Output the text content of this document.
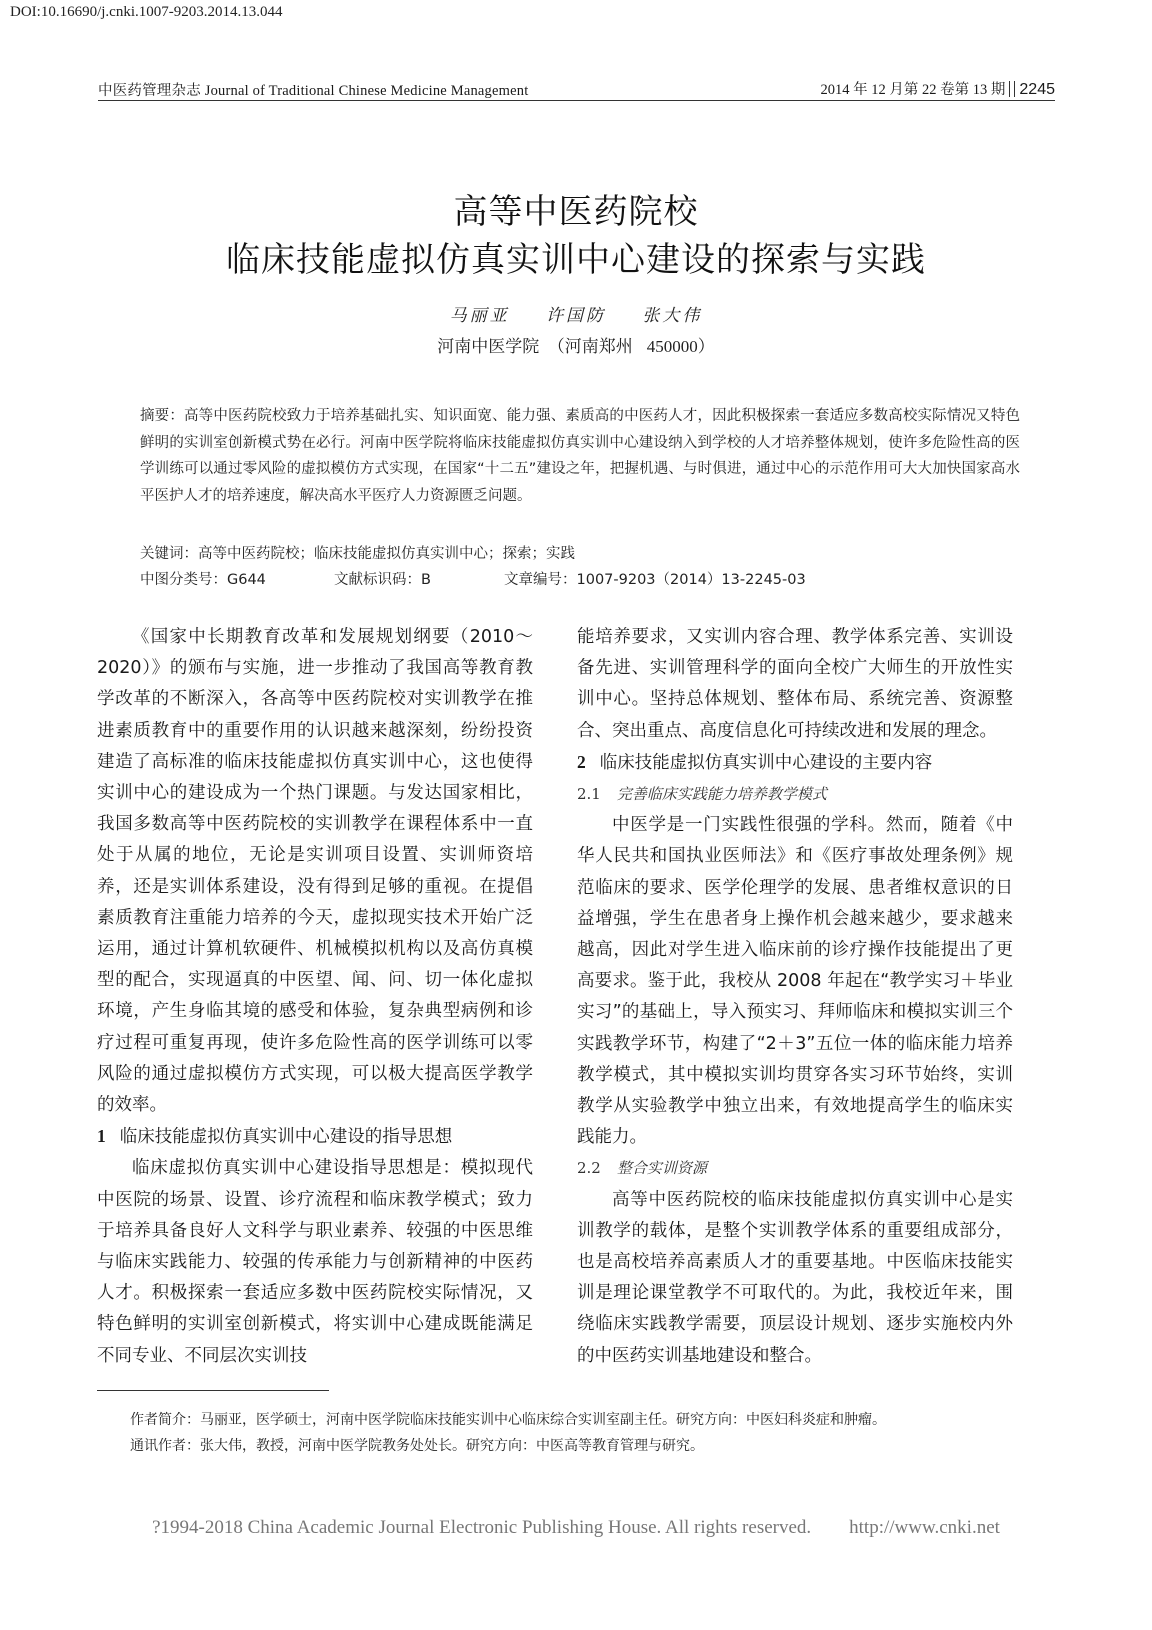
DOI:10.16690/j.cnki.1007-9203.2014.13.044
中医药管理杂志 Journal of Traditional Chinese Medicine Management	2014 年 12 月第 22 卷第 13 期 2245
高等中医药院校
临床技能虚拟仿真实训中心建设的探索与实践
马丽亚 许国防 张大伟
河南中医学院　（河南郑州 450000）
摘要：高等中医药院校致力于培养基础扎实、知识面宽、能力强、素质高的中医药人才，因此积极探索一套适应多数高校实际情况又特色鲜明的实训室创新模式势在必行。河南中医学院将临床技能虚拟仿真实训中心建设纳入到学校的人才培养整体规划，使许多危险性高的医学训练可以通过零风险的虚拟模仿方式实现，在国家“十二五”建设之年，把握机遇、与时俱进，通过中心的示范作用可大大加快国家高水平医护人才的培养速度，解决高水平医疗人力资源匮乏问题。
关键词：高等中医药院校；临床技能虚拟仿真实训中心；探索；实践
中图分类号：G644	文献标识码：B	文章编号：1007-9203（2014）13-2245-03

《国家中长期教育改革和发展规划纲要（2010～2020）》的颁布与实施，进一步推动了我国高等教育教学改革的不断深入，各高等中医药院校对实训教学在推进素质教育中的重要作用的认识越来越深刻，纷纷投资建造了高标准的临床技能虚拟仿真实训中心，这也使得实训中心的建设成为一个热门课题。与发达国家相比，我国多数高等中医药院校的实训教学在课程体系中一直处于从属的地位，无论是实训项目设置、实训师资培养，还是实训体系建设，没有得到足够的重视。在提倡素质教育注重能力培养的今天，虚拟现实技术开始广泛运用，通过计算机软硬件、机械模拟机构以及高仿真模型的配合，实现逼真的中医望、闻、问、切一体化虚拟环境，产生身临其境的感受和体验，复杂典型病例和诊疗过程可重复再现，使许多危险性高的医学训练可以零风险的通过虚拟模仿方式实现，可以极大提高医学教学的效率。

1 临床技能虚拟仿真实训中心建设的指导思想

临床虚拟仿真实训中心建设指导思想是：模拟现代中医院的场景、设置、诊疗流程和临床教学模式；致力于培养具备良好人文科学与职业素养、较强的中医思维与临床实践能力、较强的传承能力与创新精神的中医药人才。积极探索一套适应多数中医药院校实际情况，又特色鲜明的实训室创新模式，将实训中心建成既能满足不同专业、不同层次实训技

能培养要求，又实训内容合理、教学体系完善、实训设备先进、实训管理科学的面向全校广大师生的开放性实训中心。坚持总体规划、整体布局、系统完善、资源整合、突出重点、高度信息化可持续改进和发展的理念。

2 临床技能虚拟仿真实训中心建设的主要内容
2.1 完善临床实践能力培养教学模式

中医学是一门实践性很强的学科。然而，随着《中华人民共和国执业医师法》和《医疗事故处理条例》规范临床的要求、医学伦理学的发展、患者维权意识的日益增强，学生在患者身上操作机会越来越少，要求越来越高，因此对学生进入临床前的诊疗操作技能提出了更高要求。鉴于此，我校从 2008 年起在“教学实习＋毕业实习”的基础上，导入预实习、拜师临床和模拟实训三个实践教学环节，构建了“2＋3”五位一体的临床能力培养教学模式，其中模拟实训均贯穿各实习环节始终，实训教学从实验教学中独立出来，有效地提高学生的临床实践能力。

2.2 整合实训资源

高等中医药院校的临床技能虚拟仿真实训中心是实训教学的载体，是整个实训教学体系的重要组成部分，也是高校培养高素质人才的重要基地。中医临床技能实训是理论课堂教学不可取代的。为此，我校近年来，围绕临床实践教学需要，顶层设计规划、逐步实施校内外的中医药实训基地建设和整合。

作者简介：马丽亚，医学硕士，河南中医学院临床技能实训中心临床综合实训室副主任。研究方向：中医妇科炎症和肿瘤。
通讯作者：张大伟，教授，河南中医学院教务处处长。研究方向：中医高等教育管理与研究。
?1994-2018 China Academic Journal Electronic Publishing House. All rights reserved.　　http://www.cnki.net
